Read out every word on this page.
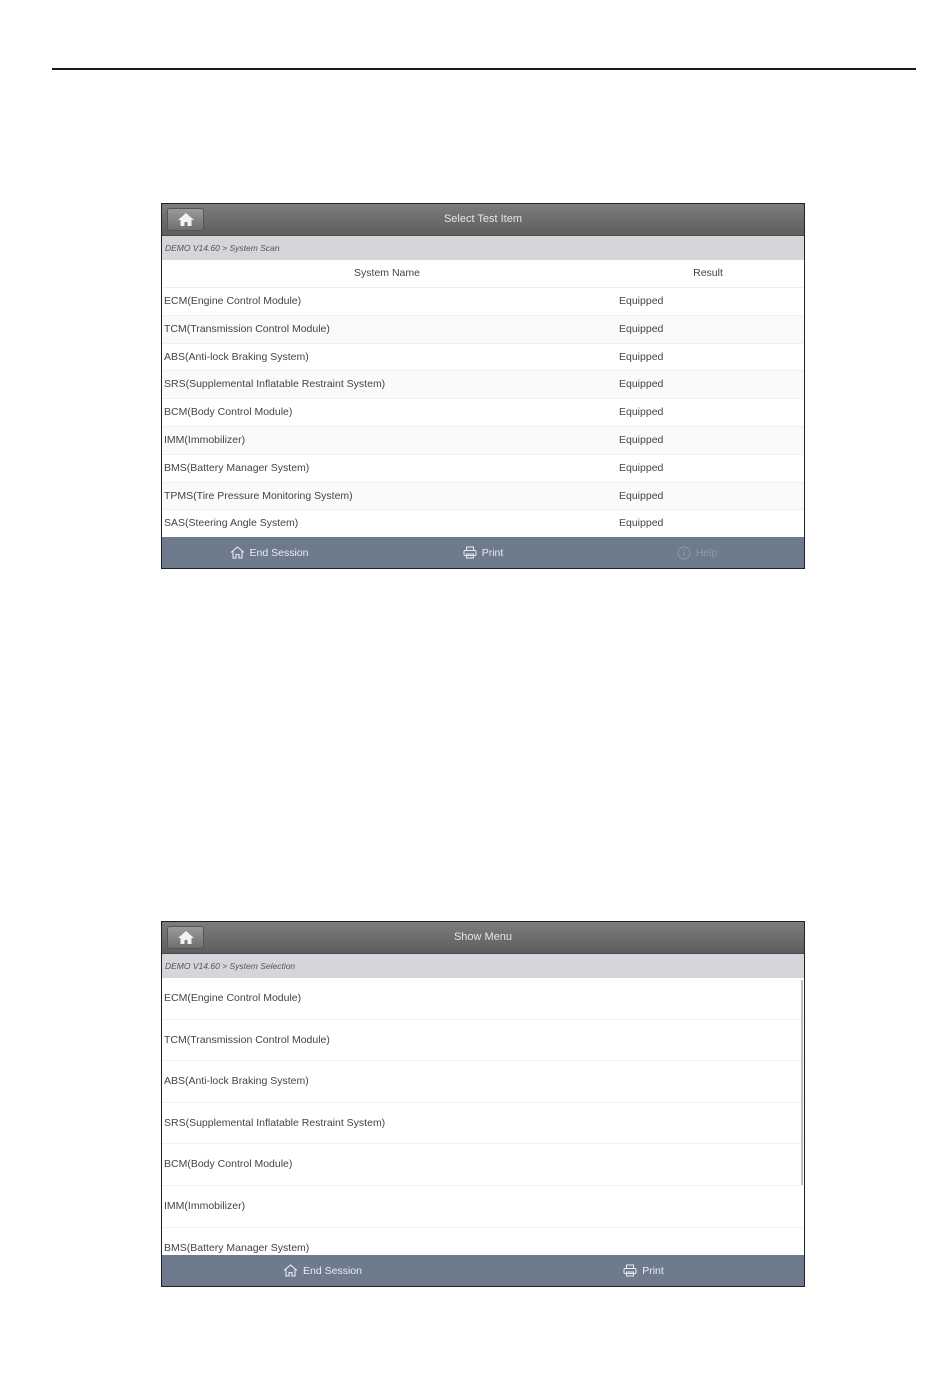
Select Test Item
DEMO V14.60 > System Scan
System Name	Result
ECM(Engine Control Module)	Equipped
TCM(Transmission Control Module)	Equipped
ABS(Anti-lock Braking System)	Equipped
SRS(Supplemental Inflatable Restraint System)	Equipped
BCM(Body Control Module)	Equipped
IMM(Immobilizer)	Equipped
BMS(Battery Manager System)	Equipped
TPMS(Tire Pressure Monitoring System)	Equipped
SAS(Steering Angle System)	Equipped
End Session	Print	Help
Show Menu
DEMO V14.60 > System Selection
ECM(Engine Control Module)
TCM(Transmission Control Module)
ABS(Anti-lock Braking System)
SRS(Supplemental Inflatable Restraint System)
BCM(Body Control Module)
IMM(Immobilizer)
BMS(Battery Manager System)
End Session	Print
